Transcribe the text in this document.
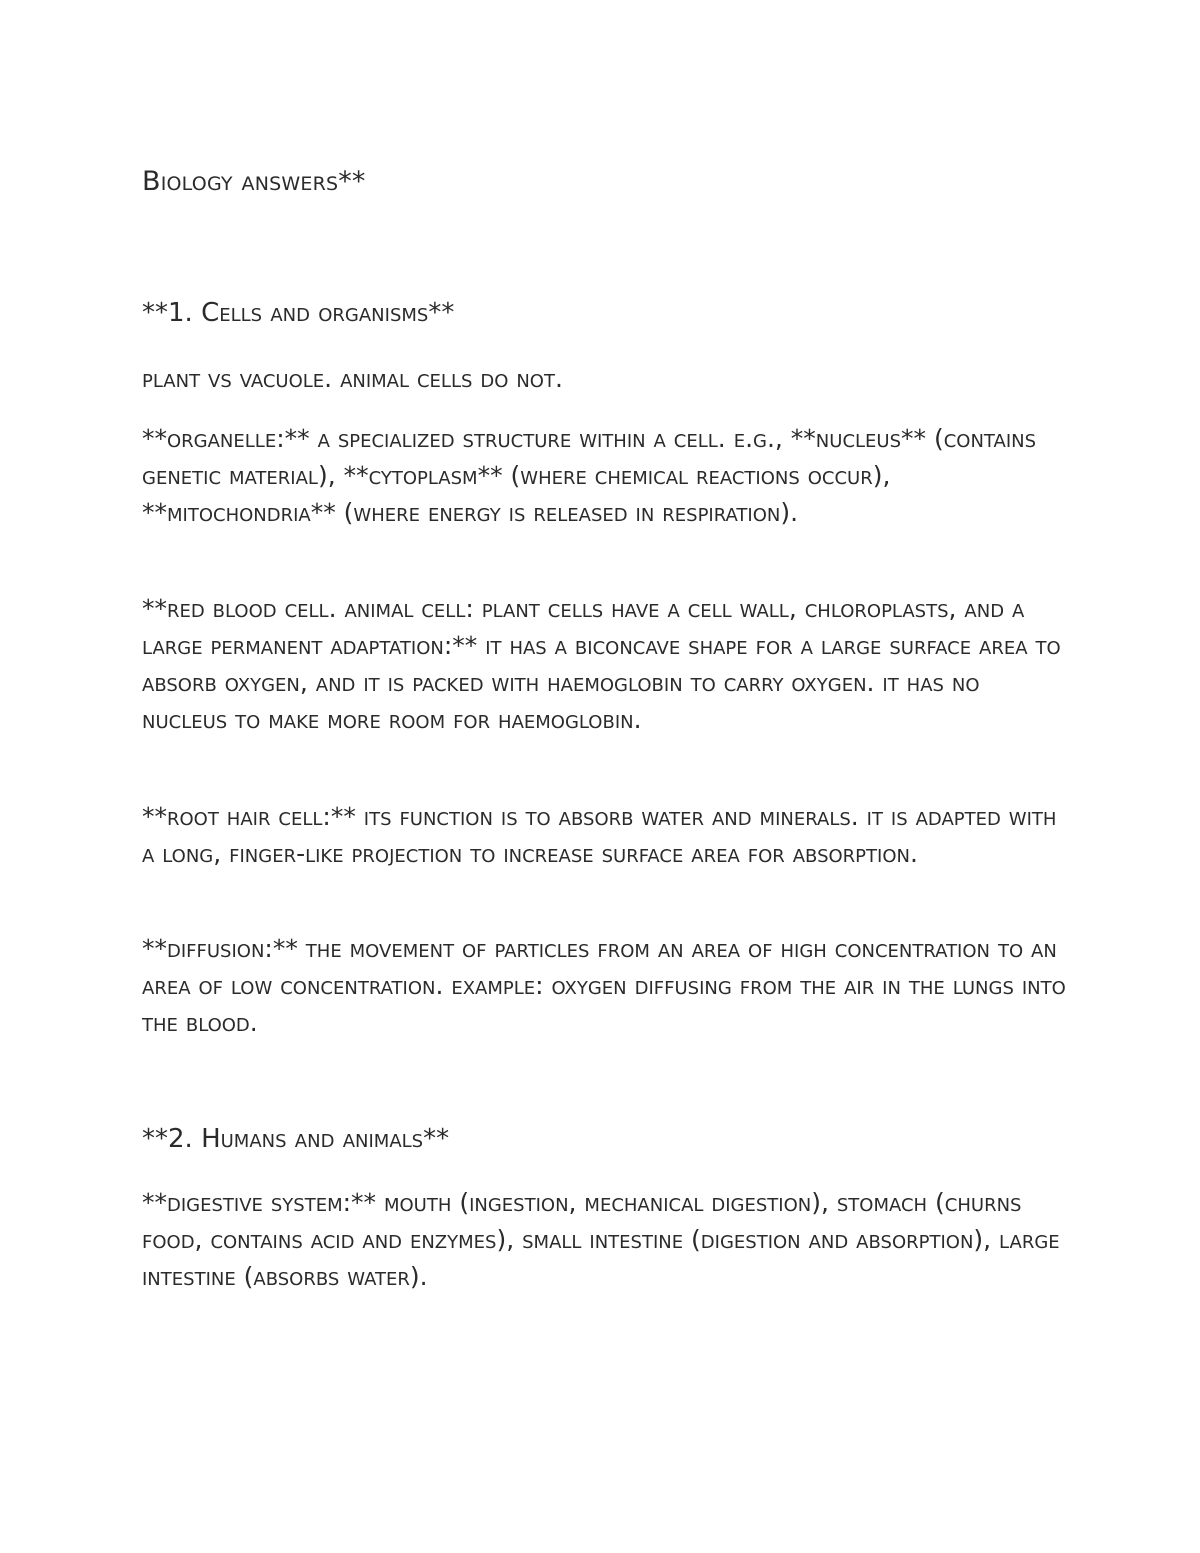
Biology answers**
**1. Cells and organisms**

plant vs vacuole. animal cells do not.

**organelle:** a specialized structure within a cell. e.g., **nucleus** (contains genetic material), **cytoplasm** (where chemical reactions occur), **mitochondria** (where energy is released in respiration).

**red blood cell. animal cell: plant cells have a cell wall, chloroplasts, and a large permanent adaptation:** it has a biconcave shape for a large surface area to absorb oxygen, and it is packed with haemoglobin to carry oxygen. it has no nucleus to make more room for haemoglobin.

**root hair cell:** its function is to absorb water and minerals. it is adapted with a long, finger-like projection to increase surface area for absorption.

**diffusion:** the movement of particles from an area of high concentration to an area of low concentration. example: oxygen diffusing from the air in the lungs into the blood.

**2. Humans and animals**

**digestive system:** mouth (ingestion, mechanical digestion), stomach (churns food, contains acid and enzymes), small intestine (digestion and absorption), large intestine (absorbs water).
